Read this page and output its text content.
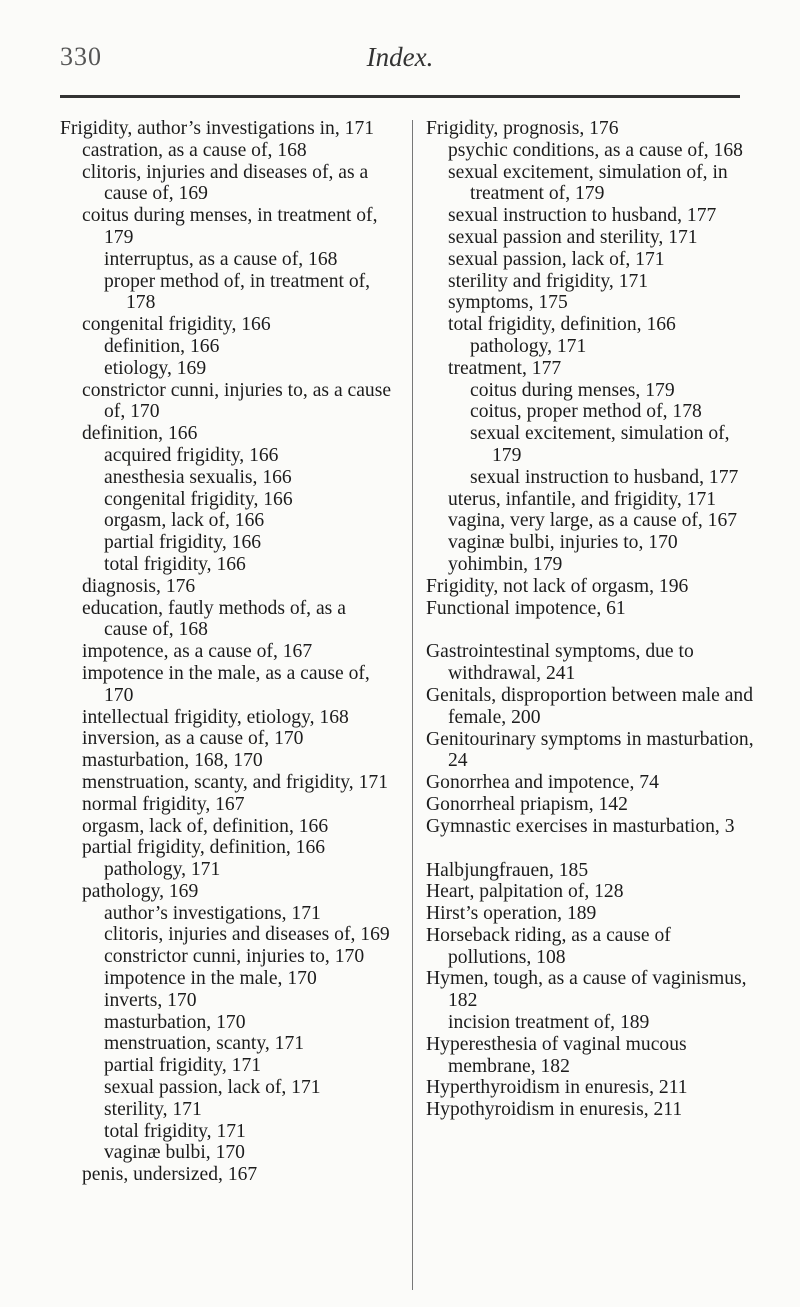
330	Index.
Frigidity, author’s investigations in, 171
castration, as a cause of, 168
clitoris, injuries and diseases of, as a cause of, 169
coitus during menses, in treatment of, 179
interruptus, as a cause of, 168
proper method of, in treatment of, 178
congenital frigidity, 166
definition, 166
etiology, 169
constrictor cunni, injuries to, as a cause of, 170
definition, 166
acquired frigidity, 166
anesthesia sexualis, 166
congenital frigidity, 166
orgasm, lack of, 166
partial frigidity, 166
total frigidity, 166
diagnosis, 176
education, fautly methods of, as a cause of, 168
impotence, as a cause of, 167
impotence in the male, as a cause of, 170
intellectual frigidity, etiology, 168
inversion, as a cause of, 170
masturbation, 168, 170
menstruation, scanty, and frigidity, 171
normal frigidity, 167
orgasm, lack of, definition, 166
partial frigidity, definition, 166
pathology, 171
pathology, 169
author’s investigations, 171
clitoris, injuries and diseases of, 169
constrictor cunni, injuries to, 170
impotence in the male, 170
inverts, 170
masturbation, 170
menstruation, scanty, 171
partial frigidity, 171
sexual passion, lack of, 171
sterility, 171
total frigidity, 171
vaginæ bulbi, 170
penis, undersized, 167
Frigidity, prognosis, 176
psychic conditions, as a cause of, 168
sexual excitement, simulation of, in treatment of, 179
sexual instruction to husband, 177
sexual passion and sterility, 171
sexual passion, lack of, 171
sterility and frigidity, 171
symptoms, 175
total frigidity, definition, 166
pathology, 171
treatment, 177
coitus during menses, 179
coitus, proper method of, 178
sexual excitement, simulation of, 179
sexual instruction to husband, 177
uterus, infantile, and frigidity, 171
vagina, very large, as a cause of, 167
vaginæ bulbi, injuries to, 170
yohimbin, 179
Frigidity, not lack of orgasm, 196
Functional impotence, 61
Gastrointestinal symptoms, due to withdrawal, 241
Genitals, disproportion between male and female, 200
Genitourinary symptoms in masturbation, 24
Gonorrhea and impotence, 74
Gonorrheal priapism, 142
Gymnastic exercises in masturbation, 3
Halbjungfrauen, 185
Heart, palpitation of, 128
Hirst’s operation, 189
Horseback riding, as a cause of pollutions, 108
Hymen, tough, as a cause of vaginismus, 182
incision treatment of, 189
Hyperesthesia of vaginal mucous membrane, 182
Hyperthyroidism in enuresis, 211
Hypothyroidism in enuresis, 211
